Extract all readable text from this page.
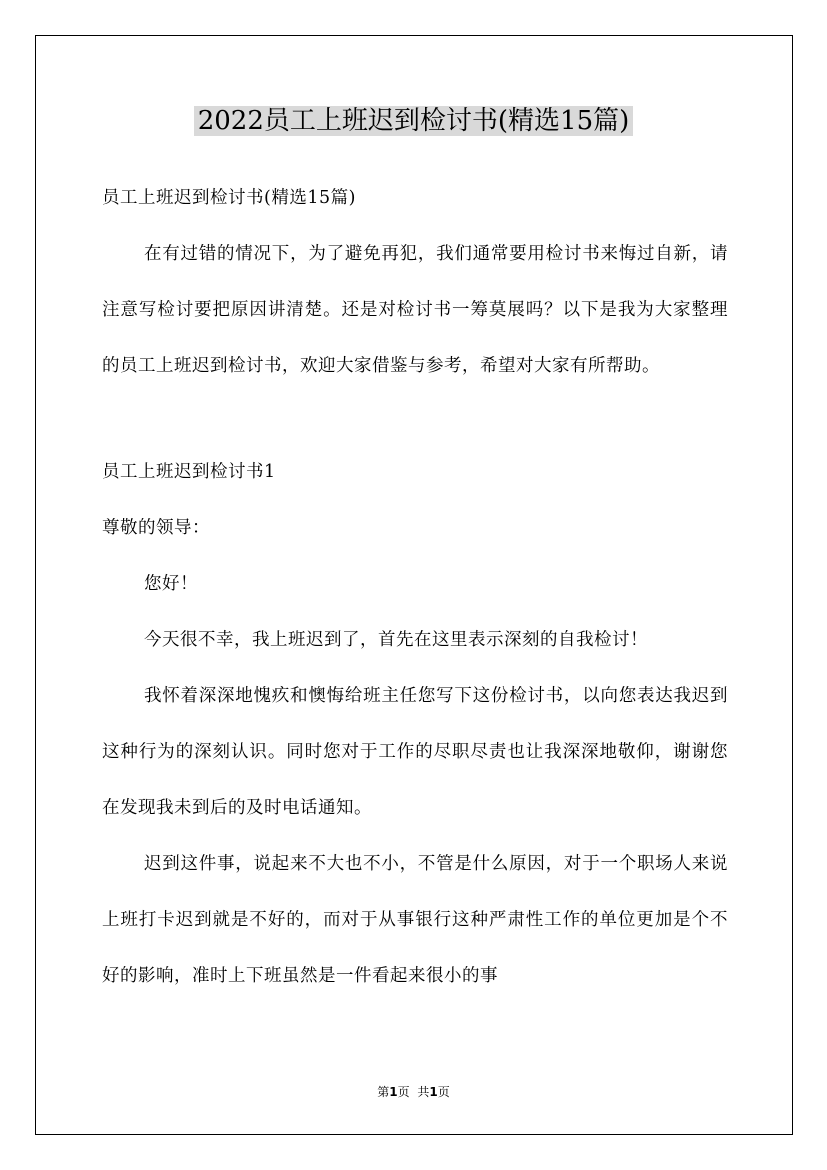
2022员工上班迟到检讨书(精选15篇)

员工上班迟到检讨书(精选15篇)

在有过错的情况下，为了避免再犯，我们通常要用检讨书来悔过自新，请注意写检讨要把原因讲清楚。还是对检讨书一筹莫展吗？以下是我为大家整理的员工上班迟到检讨书，欢迎大家借鉴与参考，希望对大家有所帮助。

员工上班迟到检讨书1

尊敬的领导：

您好！

今天很不幸，我上班迟到了，首先在这里表示深刻的自我检讨！

我怀着深深地愧疚和懊悔给班主任您写下这份检讨书，以向您表达我迟到这种行为的深刻认识。同时您对于工作的尽职尽责也让我深深地敬仰，谢谢您在发现我未到后的及时电话通知。

迟到这件事，说起来不大也不小，不管是什么原因，对于一个职场人来说上班打卡迟到就是不好的，而对于从事银行这种严肃性工作的单位更加是个不好的影响，准时上下班虽然是一件看起来很小的事

第1页 共1页
